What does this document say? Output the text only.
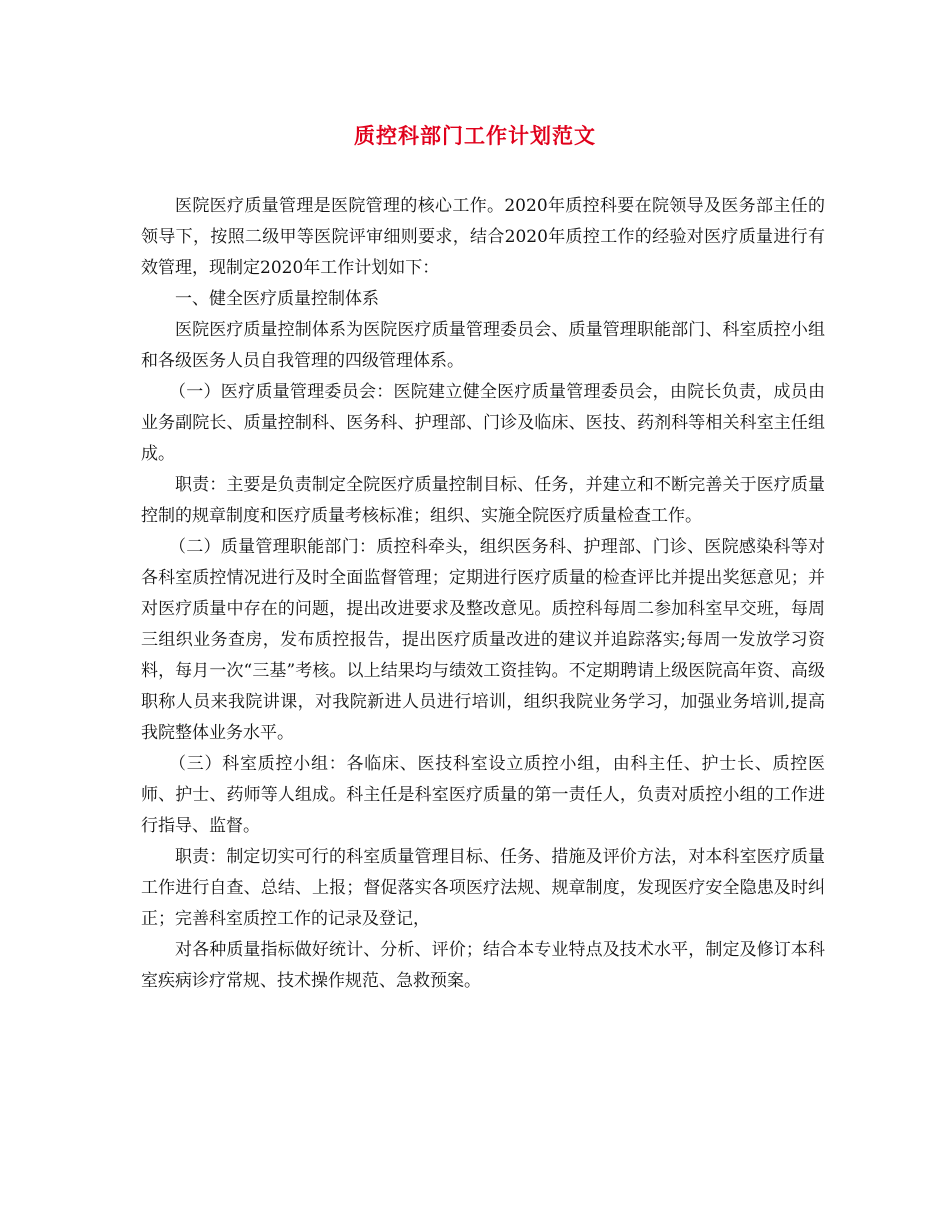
质控科部门工作计划范文

医院医疗质量管理是医院管理的核心工作。2020年质控科要在院领导及医务部主任的领导下，按照二级甲等医院评审细则要求，结合2020年质控工作的经验对医疗质量进行有效管理，现制定2020年工作计划如下：

一、健全医疗质量控制体系

医院医疗质量控制体系为医院医疗质量管理委员会、质量管理职能部门、科室质控小组和各级医务人员自我管理的四级管理体系。

（一）医疗质量管理委员会：医院建立健全医疗质量管理委员会，由院长负责，成员由业务副院长、质量控制科、医务科、护理部、门诊及临床、医技、药剂科等相关科室主任组成。

职责：主要是负责制定全院医疗质量控制目标、任务，并建立和不断完善关于医疗质量控制的规章制度和医疗质量考核标准；组织、实施全院医疗质量检查工作。

（二）质量管理职能部门：质控科牵头，组织医务科、护理部、门诊、医院感染科等对各科室质控情况进行及时全面监督管理；定期进行医疗质量的检查评比并提出奖惩意见；并对医疗质量中存在的问题，提出改进要求及整改意见。质控科每周二参加科室早交班，每周三组织业务查房，发布质控报告，提出医疗质量改进的建议并追踪落实;每周一发放学习资料，每月一次“三基”考核。以上结果均与绩效工资挂钩。不定期聘请上级医院高年资、高级职称人员来我院讲课，对我院新进人员进行培训，组织我院业务学习，加强业务培训,提高我院整体业务水平。

（三）科室质控小组：各临床、医技科室设立质控小组，由科主任、护士长、质控医师、护士、药师等人组成。科主任是科室医疗质量的第一责任人，负责对质控小组的工作进行指导、监督。

职责：制定切实可行的科室质量管理目标、任务、措施及评价方法，对本科室医疗质量工作进行自查、总结、上报；督促落实各项医疗法规、规章制度，发现医疗安全隐患及时纠正；完善科室质控工作的记录及登记，

对各种质量指标做好统计、分析、评价；结合本专业特点及技术水平，制定及修订本科室疾病诊疗常规、技术操作规范、急救预案。
